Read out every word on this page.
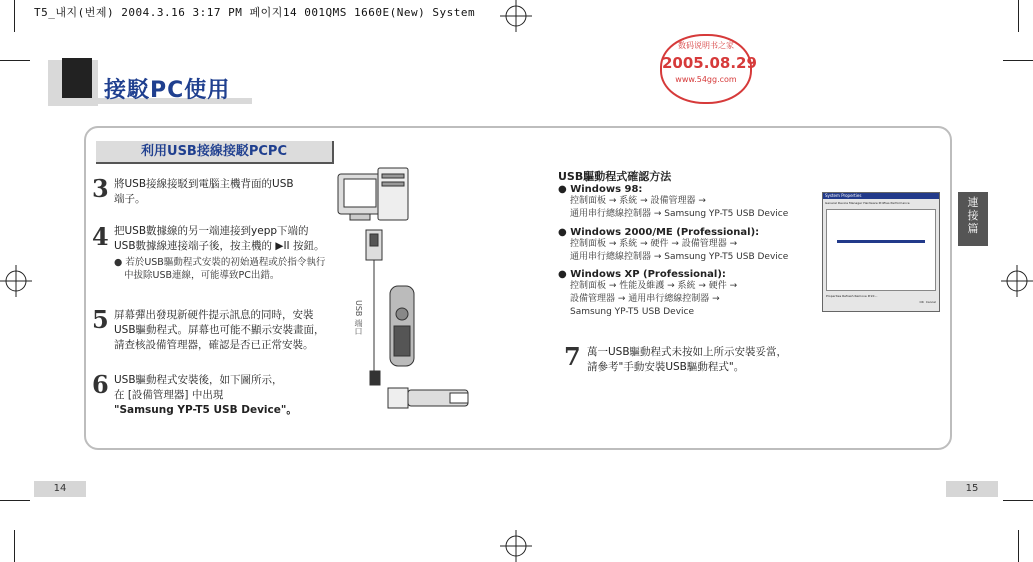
T5_내지(번제) 2004.3.16 3:17 PM 페이지14 001QMS 1660E(New) System
接駁PC使用
数码说明书之家
2005.08.29
www.54gg.com
利用USB接線接駁PCPC
3 將USB接線接駁到電腦主機背面的USB
端子。
4 把USB數據線的另一端連接到yepp下端的
USB數據線連接端子後，按主機的 ▶II 按鈕。
● 若於USB驅動程式安裝的初始過程或於指令執行
中拔除USB連線，可能導致PC出錯。
5 屏幕彈出發現新硬件提示訊息的同時，安裝
USB驅動程式。屏幕也可能不顯示安裝畫面，
請查核設備管理器，確認是否已正常安裝。
6 USB驅動程式安裝後，如下圖所示，
在 [設備管理器] 中出現
"Samsung YP-T5 USB Device"。
USB 端口
USB驅動程式確認方法
● Windows 98:
控制面板 → 系統 → 設備管理器 →
通用串行總線控制器 → Samsung YP-T5 USB Device
● Windows 2000/ME (Professional):
控制面板 → 系統 → 硬件 → 設備管理器 →
通用串行總線控制器 → Samsung YP-T5 USB Device
● Windows XP (Professional):
控制面板 → 性能及維護 → 系統 → 硬件 →
設備管理器 → 通用串行總線控制器 →
Samsung YP-T5 USB Device
7 萬一USB驅動程式未按如上所示安裝妥當，
請參考"手動安裝USB驅動程式"。
System Properties
General Device Manager Hardware Profiles Performance
Properties Refresh Remove Print...
OK Cancel
連
接
篇
14	15
